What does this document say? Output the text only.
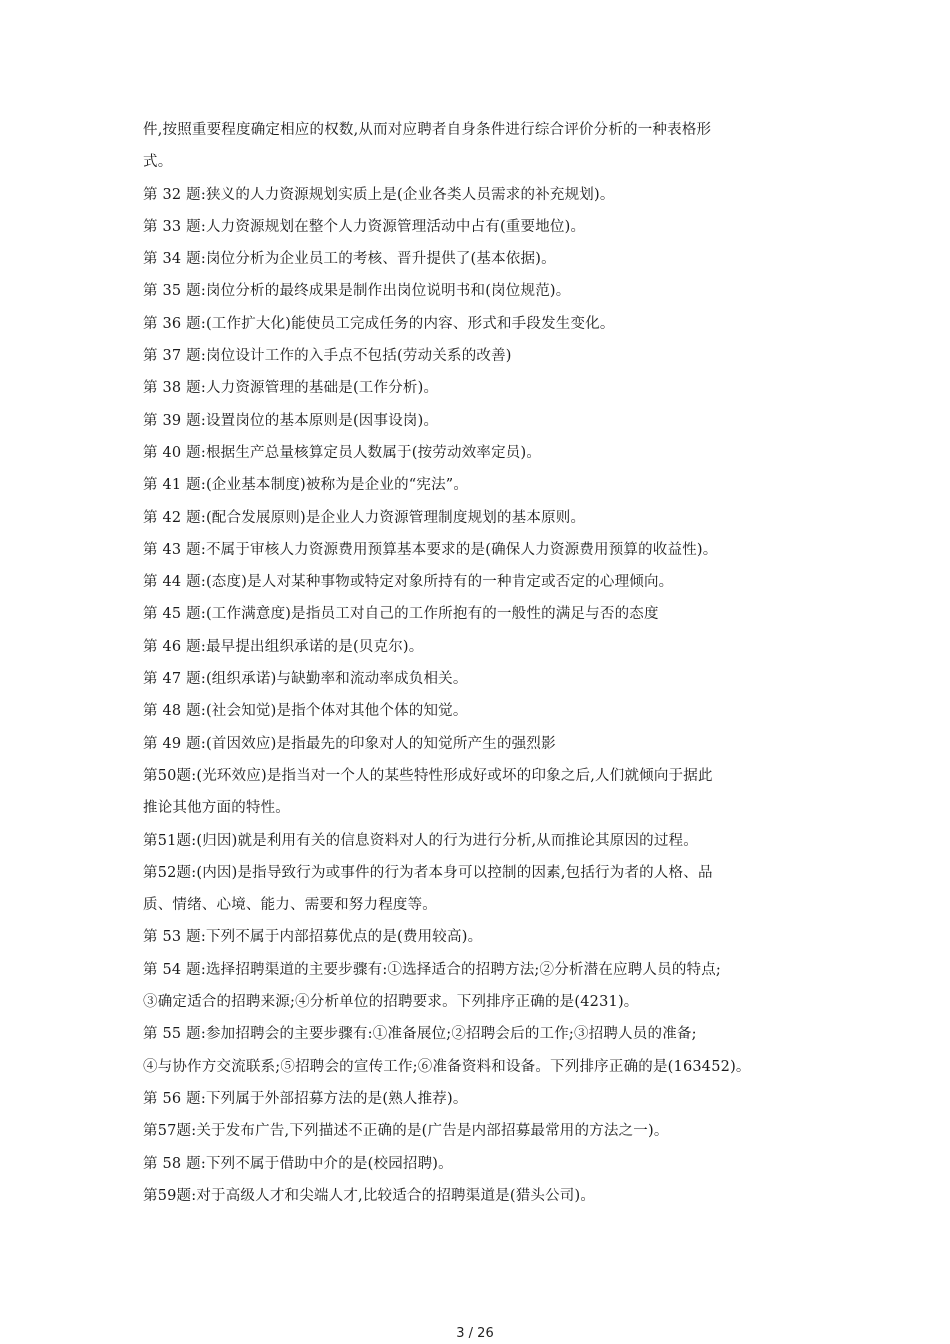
件,按照重要程度确定相应的权数,从而对应聘者自身条件进行综合评价分析的一种表格形
式。
第 32 题:狭义的人力资源规划实质上是(企业各类人员需求的补充规划)。
第 33 题:人力资源规划在整个人力资源管理活动中占有(重要地位)。
第 34 题:岗位分析为企业员工的考核、晋升提供了(基本依据)。
第 35 题:岗位分析的最终成果是制作出岗位说明书和(岗位规范)。
第 36 题:(工作扩大化)能使员工完成任务的内容、形式和手段发生变化。
第 37 题:岗位设计工作的入手点不包括(劳动关系的改善)
第 38 题:人力资源管理的基础是(工作分析)。
第 39 题:设置岗位的基本原则是(因事设岗)。
第 40 题:根据生产总量核算定员人数属于(按劳动效率定员)。
第 41 题:(企业基本制度)被称为是企业的“宪法”。
第 42 题:(配合发展原则)是企业人力资源管理制度规划的基本原则。
第 43 题:不属于审核人力资源费用预算基本要求的是(确保人力资源费用预算的收益性)。
第 44 题:(态度)是人对某种事物或特定对象所持有的一种肯定或否定的心理倾向。
第 45 题:(工作满意度)是指员工对自己的工作所抱有的一般性的满足与否的态度
第 46 题:最早提出组织承诺的是(贝克尔)。
第 47 题:(组织承诺)与缺勤率和流动率成负相关。
第 48 题:(社会知觉)是指个体对其他个体的知觉。
第 49 题:(首因效应)是指最先的印象对人的知觉所产生的强烈影
第50题:(光环效应)是指当对一个人的某些特性形成好或坏的印象之后,人们就倾向于据此
推论其他方面的特性。
第51题:(归因)就是利用有关的信息资料对人的行为进行分析,从而推论其原因的过程。
第52题:(内因)是指导致行为或事件的行为者本身可以控制的因素,包括行为者的人格、品
质、情绪、心境、能力、需要和努力程度等。
第 53 题:下列不属于内部招募优点的是(费用较高)。
第 54 题:选择招聘渠道的主要步骤有:①选择适合的招聘方法;②分析潜在应聘人员的特点;
③确定适合的招聘来源;④分析单位的招聘要求。下列排序正确的是(4231)。
第 55 题:参加招聘会的主要步骤有:①准备展位;②招聘会后的工作;③招聘人员的准备;
④与协作方交流联系;⑤招聘会的宣传工作;⑥准备资料和设备。下列排序正确的是(163452)。
第 56 题:下列属于外部招募方法的是(熟人推荐)。
第57题:关于发布广告,下列描述不正确的是(广告是内部招募最常用的方法之一)。
第 58 题:下列不属于借助中介的是(校园招聘)。
第59题:对于高级人才和尖端人才,比较适合的招聘渠道是(猎头公司)。
3 / 26
